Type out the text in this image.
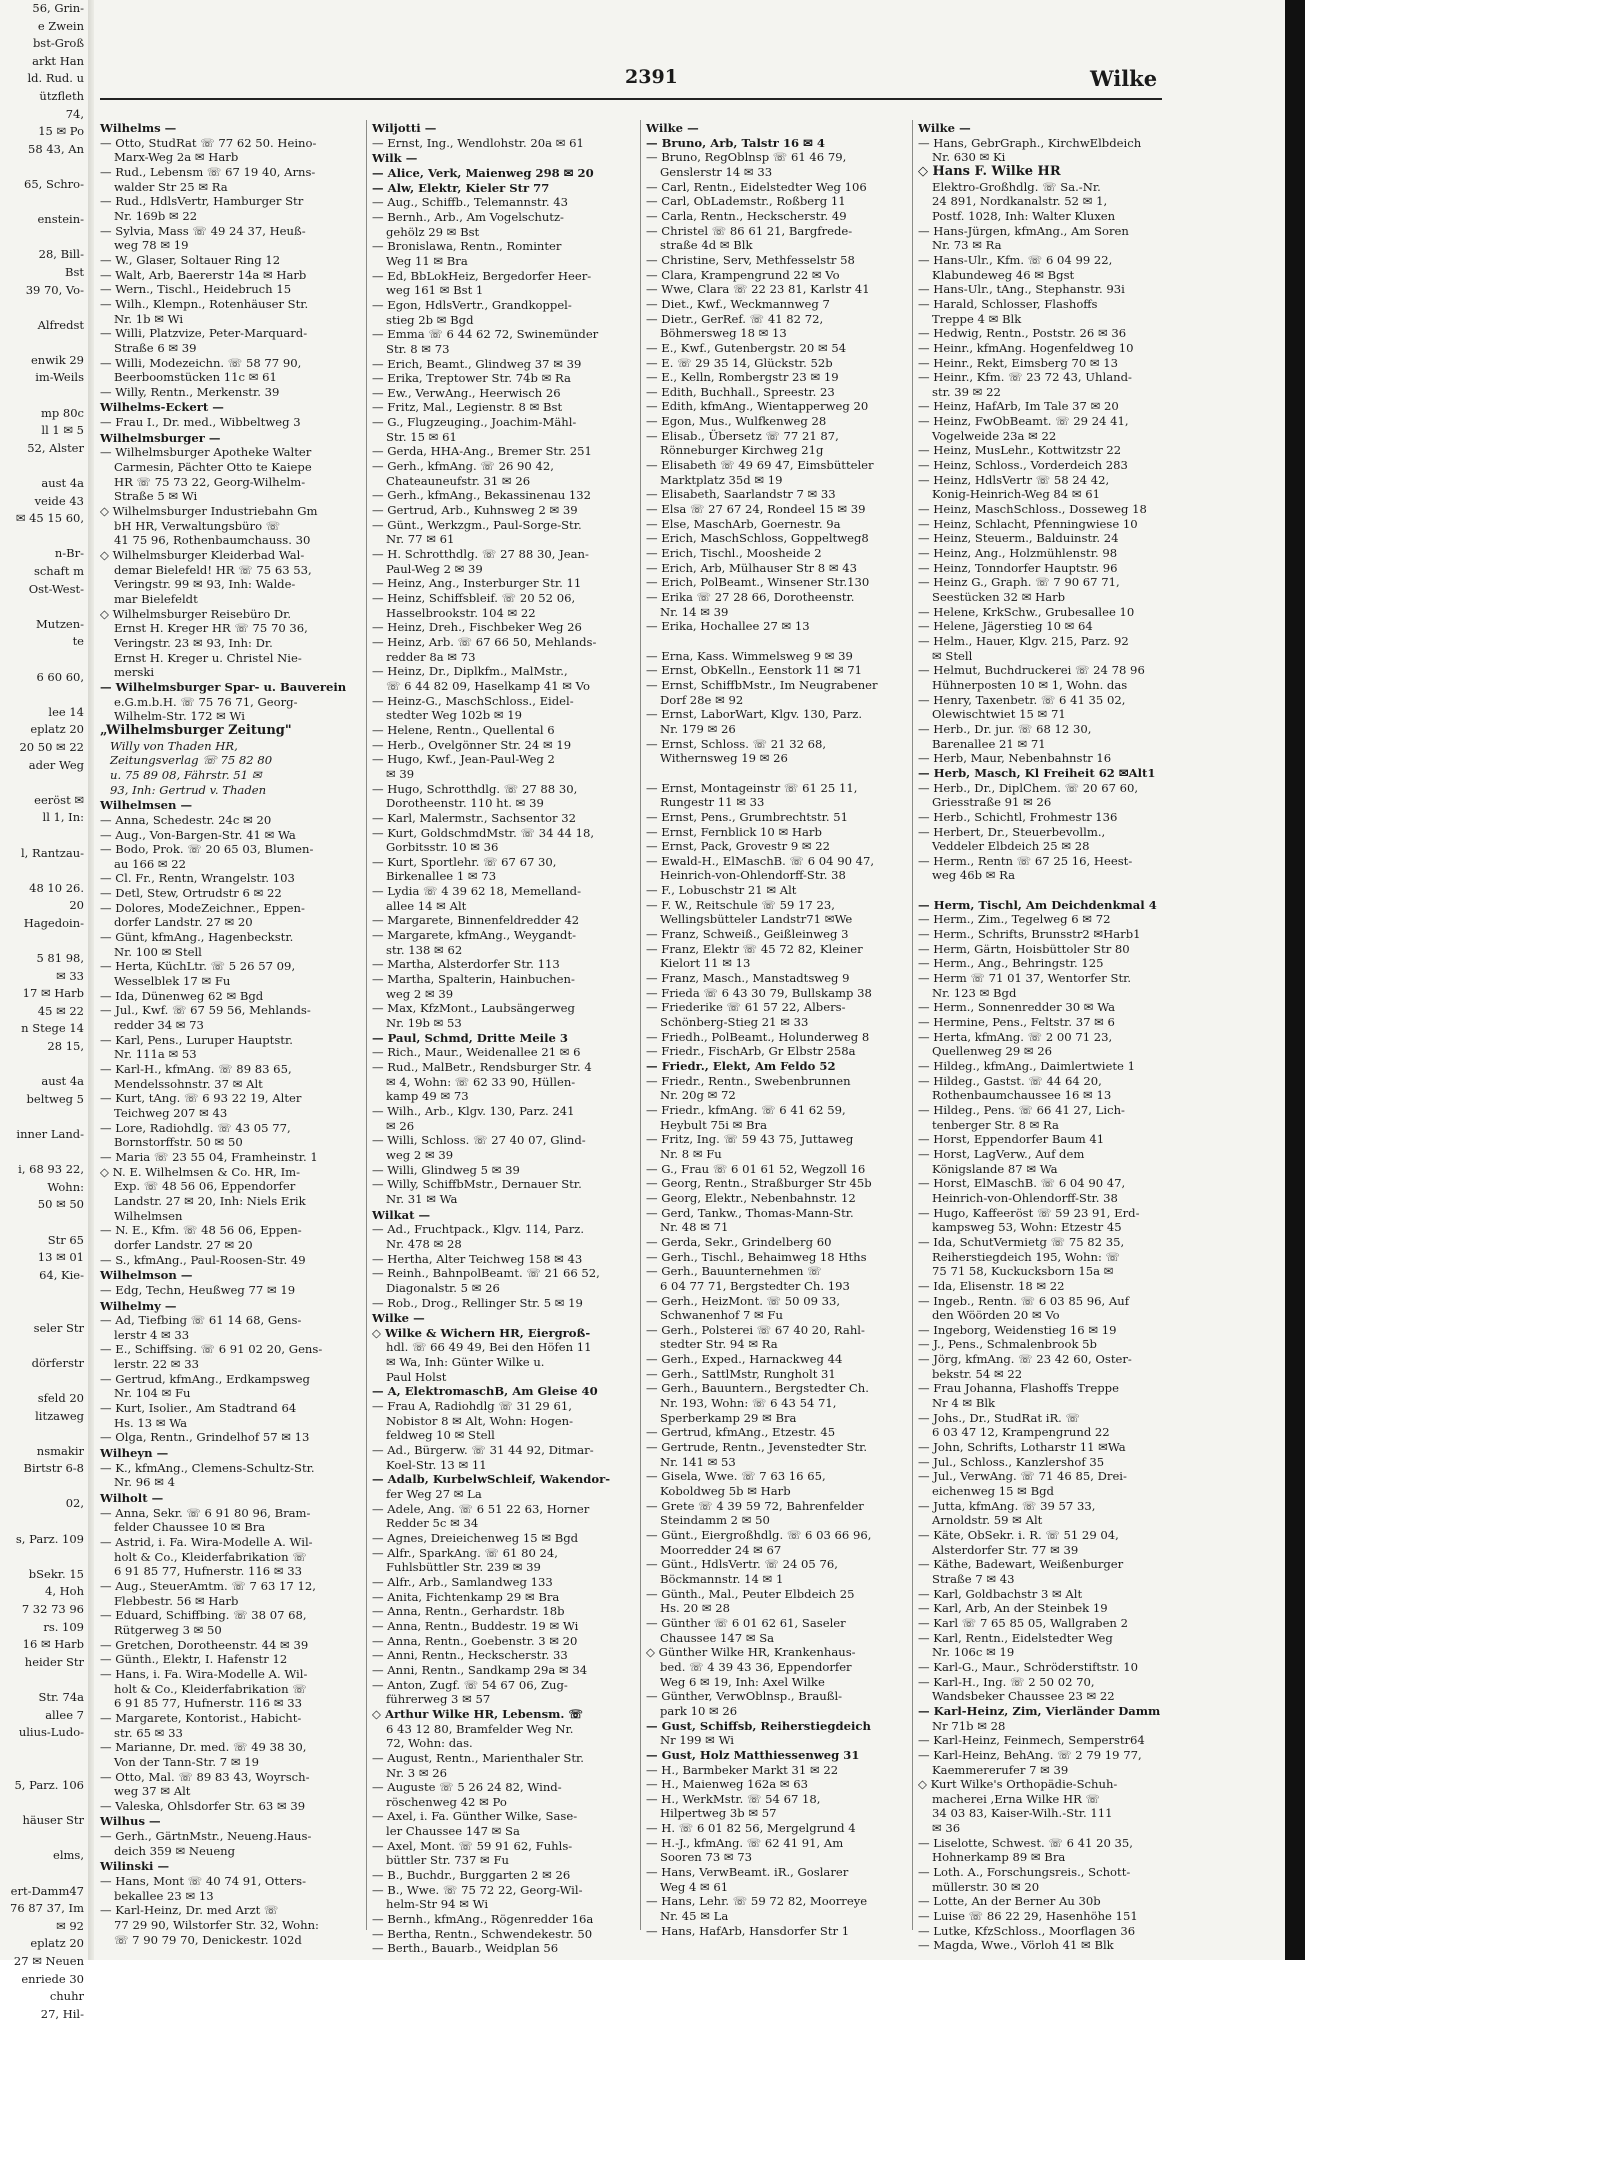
56, Grin-
e Zwein
bst-Groß
arkt Han
ld. Rud. u
ützfleth
74,
15 ✉ Po
58 43, An

65, Schro-

enstein-

28, Bill-
Bst
39 70, Vo-

Alfredst

enwik 29
im-Weils

mp 80c
ll 1 ✉ 5
52, Alster

aust 4a
veide 43
✉ 45 15 60,

n-Br-
schaft m
Ost-West-

Mutzen-
te

6 60 60,

lee 14
eplatz 20
20 50 ✉ 22
ader Weg

eeröst ✉
ll 1, In:

l, Rantzau-

48 10 26.
20
Hagedoin-

5 81 98,
✉ 33
17 ✉ Harb
45 ✉ 22
n Stege 14
28 15,

aust 4a
beltweg 5

inner Land-

i, 68 93 22,
Wohn:
50 ✉ 50

Str 65
13 ✉ 01
64, Kie-

seler Str

dörferstr

sfeld 20
litzaweg

nsmakir
Birtstr 6-8

02,

s, Parz. 109

bSekr. 15
4, Hoh
7 32 73 96
rs. 109
16 ✉ Harb
heider Str

Str. 74a
allee 7
ulius-Ludo-

5, Parz. 106

häuser Str

elms,

ert-Damm47
76 87 37, Im
✉ 92
eplatz 20
27 ✉ Neuen
enriede 30
chuhr
27, Hil-
2391	Wilke
Wilhelms —
— Otto, StudRat ☏ 77 62 50. Heino-
Marx-Weg 2a ✉ Harb
— Rud., Lebensm ☏ 67 19 40, Arns-
walder Str 25 ✉ Ra
— Rud., HdlsVertr, Hamburger Str
Nr. 169b ✉ 22
— Sylvia, Mass ☏ 49 24 37, Heuß-
weg 78 ✉ 19
— W., Glaser, Soltauer Ring 12
— Walt, Arb, Baererstr 14a ✉ Harb
— Wern., Tischl., Heidebruch 15
— Wilh., Klempn., Rotenhäuser Str.
Nr. 1b ✉ Wi
— Willi, Platzvize, Peter-Marquard-
Straße 6 ✉ 39
— Willi, Modezeichn. ☏ 58 77 90,
Beerboomstücken 11c ✉ 61
— Willy, Rentn., Merkenstr. 39
Wilhelms-Eckert —
— Frau I., Dr. med., Wibbeltweg 3
Wilhelmsburger —
— Wilhelmsburger Apotheke Walter
Carmesin, Pächter Otto te Kaiepe
HR ☏ 75 73 22, Georg-Wilhelm-
Straße 5 ✉ Wi
◇ Wilhelmsburger Industriebahn Gm
bH HR, Verwaltungsbüro ☏
41 75 96, Rothenbaumchauss. 30
◇ Wilhelmsburger Kleiderbad Wal-
demar Bielefeld! HR ☏ 75 63 53,
Veringstr. 99 ✉ 93, Inh: Walde-
mar Bielefeldt
◇ Wilhelmsburger Reisebüro Dr.
Ernst H. Kreger HR ☏ 75 70 36,
Veringstr. 23 ✉ 93, Inh: Dr.
Ernst H. Kreger u. Christel Nie-
merski
— Wilhelmsburger Spar- u. Bauverein
e.G.m.b.H. ☏ 75 76 71, Georg-
Wilhelm-Str. 172 ✉ Wi
„Wilhelmsburger Zeitung"
Willy von Thaden HR,
Zeitungsverlag ☏ 75 82 80
u. 75 89 08, Fährstr. 51 ✉
93, Inh: Gertrud v. Thaden
Wilhelmsen —
— Anna, Schedestr. 24c ✉ 20
— Aug., Von-Bargen-Str. 41 ✉ Wa
— Bodo, Prok. ☏ 20 65 03, Blumen-
au 166 ✉ 22
— Cl. Fr., Rentn, Wrangelstr. 103
— Detl, Stew, Ortrudstr 6 ✉ 22
— Dolores, ModeZeichner., Eppen-
dorfer Landstr. 27 ✉ 20
— Günt, kfmAng., Hagenbeckstr.
Nr. 100 ✉ Stell
— Herta, KüchLtr. ☏ 5 26 57 09,
Wesselblek 17 ✉ Fu
— Ida, Dünenweg 62 ✉ Bgd
— Jul., Kwf. ☏ 67 59 56, Mehlands-
redder 34 ✉ 73
— Karl, Pens., Luruper Hauptstr.
Nr. 111a ✉ 53
— Karl-H., kfmAng. ☏ 89 83 65,
Mendelssohnstr. 37 ✉ Alt
— Kurt, tAng. ☏ 6 93 22 19, Alter
Teichweg 207 ✉ 43
— Lore, Radiohdlg. ☏ 43 05 77,
Bornstorffstr. 50 ✉ 50
— Maria ☏ 23 55 04, Framheinstr. 1
◇ N. E. Wilhelmsen & Co. HR, Im-
Exp. ☏ 48 56 06, Eppendorfer
Landstr. 27 ✉ 20, Inh: Niels Erik
Wilhelmsen
— N. E., Kfm. ☏ 48 56 06, Eppen-
dorfer Landstr. 27 ✉ 20
— S., kfmAng., Paul-Roosen-Str. 49
Wilhelmson —
— Edg, Techn, Heußweg 77 ✉ 19
Wilhelmy —
— Ad, Tiefbing ☏ 61 14 68, Gens-
lerstr 4 ✉ 33
— E., Schiffsing. ☏ 6 91 02 20, Gens-
lerstr. 22 ✉ 33
— Gertrud, kfmAng., Erdkampsweg
Nr. 104 ✉ Fu
— Kurt, Isolier., Am Stadtrand 64
Hs. 13 ✉ Wa
— Olga, Rentn., Grindelhof 57 ✉ 13
Wilheyn —
— K., kfmAng., Clemens-Schultz-Str.
Nr. 96 ✉ 4
Wilholt —
— Anna, Sekr. ☏ 6 91 80 96, Bram-
felder Chaussee 10 ✉ Bra
— Astrid, i. Fa. Wira-Modelle A. Wil-
holt & Co., Kleiderfabrikation ☏
6 91 85 77, Hufnerstr. 116 ✉ 33
— Aug., SteuerAmtm. ☏ 7 63 17 12,
Flebbestr. 56 ✉ Harb
— Eduard, Schiffbing. ☏ 38 07 68,
Rütgerweg 3 ✉ 50
— Gretchen, Dorotheenstr. 44 ✉ 39
— Günth., Elektr, I. Hafenstr 12
— Hans, i. Fa. Wira-Modelle A. Wil-
holt & Co., Kleiderfabrikation ☏
6 91 85 77, Hufnerstr. 116 ✉ 33
— Margarete, Kontorist., Habicht-
str. 65 ✉ 33
— Marianne, Dr. med. ☏ 49 38 30,
Von der Tann-Str. 7 ✉ 19
— Otto, Mal. ☏ 89 83 43, Woyrsch-
weg 37 ✉ Alt
— Valeska, Ohlsdorfer Str. 63 ✉ 39
Wilhus —
— Gerh., GärtnMstr., Neueng.Haus-
deich 359 ✉ Neueng
Wilinski —
— Hans, Mont ☏ 40 74 91, Otters-
bekallee 23 ✉ 13
— Karl-Heinz, Dr. med Arzt ☏
77 29 90, Wilstorfer Str. 32, Wohn:
☏ 7 90 79 70, Denickestr. 102d
Wiljotti —
— Ernst, Ing., Wendlohstr. 20a ✉ 61
Wilk —
— Alice, Verk, Maienweg 298 ✉ 20
— Alw, Elektr, Kieler Str 77
— Aug., Schiffb., Telemannstr. 43
— Bernh., Arb., Am Vogelschutz-
gehölz 29 ✉ Bst
— Bronislawa, Rentn., Rominter
Weg 11 ✉ Bra
— Ed, BbLokHeiz, Bergedorfer Heer-
weg 161 ✉ Bst 1
— Egon, HdlsVertr., Grandkoppel-
stieg 2b ✉ Bgd
— Emma ☏ 6 44 62 72, Swinemünder
Str. 8 ✉ 73
— Erich, Beamt., Glindweg 37 ✉ 39
— Erika, Treptower Str. 74b ✉ Ra
— Ew., VerwAng., Heerwisch 26
— Fritz, Mal., Legienstr. 8 ✉ Bst
— G., Flugzeuging., Joachim-Mähl-
Str. 15 ✉ 61
— Gerda, HHA-Ang., Bremer Str. 251
— Gerh., kfmAng. ☏ 26 90 42,
Chateaunеufstr. 31 ✉ 26
— Gerh., kfmAng., Bekassinenau 132
— Gertrud, Arb., Kuhnsweg 2 ✉ 39
— Günt., Werkzgm., Paul-Sorge-Str.
Nr. 77 ✉ 61
— H. Schrotthdlg. ☏ 27 88 30, Jean-
Paul-Weg 2 ✉ 39
— Heinz, Ang., Insterburger Str. 11
— Heinz, Schiffsbleif. ☏ 20 52 06,
Hasselbrookstr. 104 ✉ 22
— Heinz, Dreh., Fischbeker Weg 26
— Heinz, Arb. ☏ 67 66 50, Mehlands-
redder 8a ✉ 73
— Heinz, Dr., Diplkfm., MalMstr.,
☏ 6 44 82 09, Haselkamp 41 ✉ Vo
— Heinz-G., MaschSchloss., Eidel-
stedter Weg 102b ✉ 19
— Helene, Rentn., Quellental 6
— Herb., Ovelgönner Str. 24 ✉ 19
— Hugo, Kwf., Jean-Paul-Weg 2
✉ 39
— Hugo, Schrotthdlg. ☏ 27 88 30,
Dorotheenstr. 110 ht. ✉ 39
— Karl, Malermstr., Sachsentor 32
— Kurt, GoldschmdMstr. ☏ 34 44 18,
Gorbitsstr. 10 ✉ 36
— Kurt, Sportlehr. ☏ 67 67 30,
Birkenallee 1 ✉ 73
— Lydia ☏ 4 39 62 18, Memelland-
allee 14 ✉ Alt
— Margarete, Binnenfeldredder 42
— Margarete, kfmAng., Weygandt-
str. 138 ✉ 62
— Martha, Alsterdorfer Str. 113
— Martha, Spalterin, Hainbuchen-
weg 2 ✉ 39
— Max, KfzMont., Laubsängerweg
Nr. 19b ✉ 53
— Paul, Schmd, Dritte Meile 3
— Rich., Maur., Weidenallee 21 ✉ 6
— Rud., MalBetr., Rendsburger Str. 4
✉ 4, Wohn: ☏ 62 33 90, Hüllen-
kamp 49 ✉ 73
— Wilh., Arb., Klgv. 130, Parz. 241
✉ 26
— Willi, Schloss. ☏ 27 40 07, Glind-
weg 2 ✉ 39
— Willi, Glindweg 5 ✉ 39
— Willy, SchiffbMstr., Dernauer Str.
Nr. 31 ✉ Wa
Wilkat —
— Ad., Fruchtpack., Klgv. 114, Parz.
Nr. 478 ✉ 28
— Hertha, Alter Teichweg 158 ✉ 43
— Reinh., BahnpolBeamt. ☏ 21 66 52,
Diagonalstr. 5 ✉ 26
— Rob., Drog., Rellinger Str. 5 ✉ 19
Wilke —
◇ Wilke & Wichern HR, Eiergroß-
hdl. ☏ 66 49 49, Bei den Höfen 11
✉ Wa, Inh: Günter Wilke u.
Paul Holst
— A, ElektromaschB, Am Gleise 40
— Frau A, Radiohdlg ☏ 31 29 61,
Nobistor 8 ✉ Alt, Wohn: Hogen-
feldweg 10 ✉ Stell
— Ad., Bürgerw. ☏ 31 44 92, Ditmar-
Koel-Str. 13 ✉ 11
— Adalb, KurbelwSchleif, Wakendor-
fer Weg 27 ✉ La
— Adele, Ang. ☏ 6 51 22 63, Horner
Redder 5c ✉ 34
— Agnes, Dreieichenweg 15 ✉ Bgd
— Alfr., SparkAng. ☏ 61 80 24,
Fuhlsbüttler Str. 239 ✉ 39
— Alfr., Arb., Samlandweg 133
— Anita, Fichtenkamp 29 ✉ Bra
— Anna, Rentn., Gerhardstr. 18b
— Anna, Rentn., Buddestr. 19 ✉ Wi
— Anna, Rentn., Goebenstr. 3 ✉ 20
— Anni, Rentn., Heckscherstr. 33
— Anni, Rentn., Sandkamp 29a ✉ 34
— Anton, Zugf. ☏ 54 67 06, Zug-
führerweg 3 ✉ 57
◇ Arthur Wilke HR, Lebensm. ☏
6 43 12 80, Bramfelder Weg Nr.
72, Wohn: das.
— August, Rentn., Marienthaler Str.
Nr. 3 ✉ 26
— Auguste ☏ 5 26 24 82, Wind-
röschenweg 42 ✉ Po
— Axel, i. Fa. Günther Wilke, Sase-
ler Chaussee 147 ✉ Sa
— Axel, Mont. ☏ 59 91 62, Fuhls-
büttler Str. 737 ✉ Fu
— B., Buchdr., Burggarten 2 ✉ 26
— B., Wwe. ☏ 75 72 22, Georg-Wil-
helm-Str 94 ✉ Wi
— Bernh., kfmAng., Rögenredder 16a
— Bertha, Rentn., Schwendekestr. 50
— Berth., Bauarb., Weidplan 56
Wilke —
— Bruno, Arb, Talstr 16 ✉ 4
— Bruno, RegOblnsp ☏ 61 46 79,
Genslerstr 14 ✉ 33
— Carl, Rentn., Eidelstedter Weg 106
— Carl, ObLademstr., Roßberg 11
— Carla, Rentn., Heckscherstr. 49
— Christel ☏ 86 61 21, Bargfrede-
straße 4d ✉ Blk
— Christine, Serv, Methfesselstr 58
— Clara, Krampengrund 22 ✉ Vo
— Wwe, Clara ☏ 22 23 81, Karlstr 41
— Diet., Kwf., Weckmannweg 7
— Dietr., GerRef. ☏ 41 82 72,
Böhmersweg 18 ✉ 13
— E., Kwf., Gutenbergstr. 20 ✉ 54
— E. ☏ 29 35 14, Glückstr. 52b
— E., Kelln, Rombergstr 23 ✉ 19
— Edith, Buchhall., Spreestr. 23
— Edith, kfmAng., Wientapperweg 20
— Egon, Mus., Wulfkenweg 28
— Elisab., Übersetz ☏ 77 21 87,
Rönneburger Kirchweg 21g
— Elisabeth ☏ 49 69 47, Eimsbütteler
Marktplatz 35d ✉ 19
— Elisabeth, Saarlandstr 7 ✉ 33
— Elsa ☏ 27 67 24, Rondeel 15 ✉ 39
— Else, MaschArb, Goernestr. 9a
— Erich, MaschSchloss, Goppeltweg8
— Erich, Tischl., Moosheide 2
— Erich, Arb, Mülhauser Str 8 ✉ 43
— Erich, PolBeamt., Winsener Str.130
— Erika ☏ 27 28 66, Dorotheenstr.
Nr. 14 ✉ 39
— Erika, Hochallee 27 ✉ 13

— Erna, Kass. Wimmelsweg 9 ✉ 39
— Ernst, ObKelln., Eenstork 11 ✉ 71
— Ernst, SchiffbMstr., Im Neugrabener
Dorf 28e ✉ 92
— Ernst, LaborWart, Klgv. 130, Parz.
Nr. 179 ✉ 26
— Ernst, Schloss. ☏ 21 32 68,
Withernsweg 19 ✉ 26

— Ernst, Montageinstr ☏ 61 25 11,
Rungestr 11 ✉ 33
— Ernst, Pens., Grumbrechtstr. 51
— Ernst, Fernblick 10 ✉ Harb
— Ernst, Pack, Grovestr 9 ✉ 22
— Ewald-H., ElMaschB. ☏ 6 04 90 47,
Heinrich-von-Ohlendorff-Str. 38
— F., Lobuschstr 21 ✉ Alt
— F. W., Reitschule ☏ 59 17 23,
Wellingsbütteler Landstr71 ✉We
— Franz, Schweiß., Geißleinweg 3
— Franz, Elektr ☏ 45 72 82, Kleiner
Kielort 11 ✉ 13
— Franz, Masch., Manstadtsweg 9
— Frieda ☏ 6 43 30 79, Bullskamp 38
— Friederike ☏ 61 57 22, Albers-
Schönberg-Stieg 21 ✉ 33
— Friedh., PolBeamt., Holunderweg 8
— Friedr., FischArb, Gr Elbstr 258a
— Friedr., Elekt, Am Feldo 52
— Friedr., Rentn., Swebenbrunnen
Nr. 20g ✉ 72
— Friedr., kfmAng. ☏ 6 41 62 59,
Heybult 75i ✉ Bra
— Fritz, Ing. ☏ 59 43 75, Juttaweg
Nr. 8 ✉ Fu
— G., Frau ☏ 6 01 61 52, Wegzoll 16
— Georg, Rentn., Straßburger Str 45b
— Georg, Elektr., Nebenbahnstr. 12
— Gerd, Tankw., Thomas-Mann-Str.
Nr. 48 ✉ 71
— Gerda, Sekr., Grindelberg 60
— Gerh., Tischl., Behaimweg 18 Hths
— Gerh., Bauunternehmen ☏
6 04 77 71, Bergstedter Ch. 193
— Gerh., HeizMont. ☏ 50 09 33,
Schwanenhof 7 ✉ Fu
— Gerh., Polsterei ☏ 67 40 20, Rahl-
stedter Str. 94 ✉ Ra
— Gerh., Exped., Harnackweg 44
— Gerh., SattlMstr, Rungholt 31
— Gerh., Bauuntern., Bergstedter Ch.
Nr. 193, Wohn: ☏ 6 43 54 71,
Sperberkamp 29 ✉ Bra
— Gertrud, kfmAng., Etzestr. 45
— Gertrude, Rentn., Jevenstedter Str.
Nr. 141 ✉ 53
— Gisela, Wwe. ☏ 7 63 16 65,
Koboldweg 5b ✉ Harb
— Grete ☏ 4 39 59 72, Bahrenfelder
Steindamm 2 ✉ 50
— Günt., Eiergroßhdlg. ☏ 6 03 66 96,
Moorredder 24 ✉ 67
— Günt., HdlsVertr. ☏ 24 05 76,
Böckmannstr. 14 ✉ 1
— Günth., Mal., Peuter Elbdeich 25
Hs. 20 ✉ 28
— Günther ☏ 6 01 62 61, Saseler
Chaussee 147 ✉ Sa
◇ Günther Wilke HR, Krankenhaus-
bed. ☏ 4 39 43 36, Eppendorfer
Weg 6 ✉ 19, Inh: Axel Wilke
— Günther, VerwOblnsp., Braußl-
park 10 ✉ 26
— Gust, Schiffsb, Reiherstiegdeich
Nr 199 ✉ Wi
— Gust, Holz Matthiessenweg 31
— H., Barmbeker Markt 31 ✉ 22
— H., Maienweg 162a ✉ 63
— H., WerkMstr. ☏ 54 67 18,
Hilpertweg 3b ✉ 57
— H. ☏ 6 01 82 56, Mergelgrund 4
— H.-J., kfmAng. ☏ 62 41 91, Am
Sooren 73 ✉ 73
— Hans, VerwBeamt. iR., Goslarer
Weg 4 ✉ 61
— Hans, Lehr. ☏ 59 72 82, Moorreye
Nr. 45 ✉ La
— Hans, HafArb, Hansdorfer Str 1
Wilke —
— Hans, GebrGraph., KirchwElbdeich
Nr. 630 ✉ Ki
◇ Hans F. Wilke HR
Elektro-Großhdlg. ☏ Sa.-Nr.
24 891, Nordkanalstr. 52 ✉ 1,
Postf. 1028, Inh: Walter Kluxen
— Hans-Jürgen, kfmAng., Am Soren
Nr. 73 ✉ Ra
— Hans-Ulr., Kfm. ☏ 6 04 99 22,
Klabundeweg 46 ✉ Bgst
— Hans-Ulr., tAng., Stephanstr. 93i
— Harald, Schlosser, Flashoffs
Treppe 4 ✉ Blk
— Hedwig, Rentn., Poststr. 26 ✉ 36
— Heinr., kfmAng. Hogenfeldweg 10
— Heinr., Rekt, Eimsberg 70 ✉ 13
— Heinr., Kfm. ☏ 23 72 43, Uhland-
str. 39 ✉ 22
— Heinz, HafArb, Im Tale 37 ✉ 20
— Heinz, FwObBeamt. ☏ 29 24 41,
Vogelweide 23a ✉ 22
— Heinz, MusLehr., Kottwitzstr 22
— Heinz, Schloss., Vorderdeich 283
— Heinz, HdlsVertr ☏ 58 24 42,
Konig-Heinrich-Weg 84 ✉ 61
— Heinz, MaschSchloss., Dosseweg 18
— Heinz, Schlacht, Pfenningwiese 10
— Heinz, Steuerm., Balduinstr. 24
— Heinz, Ang., Holzmühlenstr. 98
— Heinz, Tonndorfer Hauptstr. 96
— Heinz G., Graph. ☏ 7 90 67 71,
Seestücken 32 ✉ Harb
— Helene, KrkSchw., Grubesallee 10
— Helene, Jägerstieg 10 ✉ 64
— Helm., Hauer, Klgv. 215, Parz. 92
✉ Stell
— Helmut, Buchdruckerei ☏ 24 78 96
Hühnerposten 10 ✉ 1, Wohn. das
— Henry, Taxenbetr. ☏ 6 41 35 02,
Olewischtwiet 15 ✉ 71
— Herb., Dr. jur. ☏ 68 12 30,
Barenallee 21 ✉ 71
— Herb, Maur, Nebenbahnstr 16
— Herb, Masch, Kl Freiheit 62 ✉Alt1
— Herb., Dr., DiplChem. ☏ 20 67 60,
Griesstraße 91 ✉ 26
— Herb., Schichtl, Frohmestr 136
— Herbert, Dr., Steuerbevollm.,
Veddeler Elbdeich 25 ✉ 28
— Herm., Rentn ☏ 67 25 16, Heest-
weg 46b ✉ Ra

— Herm, Tischl, Am Deichdenkmal 4
— Herm., Zim., Tegelweg 6 ✉ 72
— Herm., Schrifts, Brunsstr2 ✉Harb1
— Herm, Gärtn, Hoisbüttoler Str 80
— Herm., Ang., Behringstr. 125
— Herm ☏ 71 01 37, Wentorfer Str.
Nr. 123 ✉ Bgd
— Herm., Sonnenredder 30 ✉ Wa
— Hermine, Pens., Feltstr. 37 ✉ 6
— Herta, kfmAng. ☏ 2 00 71 23,
Quellenweg 29 ✉ 26
— Hildeg., kfmAng., Daimlertwiete 1
— Hildeg., Gastst. ☏ 44 64 20,
Rothenbaumchaussee 16 ✉ 13
— Hildeg., Pens. ☏ 66 41 27, Lich-
tenberger Str. 8 ✉ Ra
— Horst, Eppendorfer Baum 41
— Horst, LagVerw., Auf dem
Königslande 87 ✉ Wa
— Horst, ElMaschB. ☏ 6 04 90 47,
Heinrich-von-Ohlendorff-Str. 38
— Hugo, Kaffeeröst ☏ 59 23 91, Erd-
kampsweg 53, Wohn: Etzestr 45
— Ida, SchutVermietg ☏ 75 82 35,
Reiherstiegdeich 195, Wohn: ☏
75 71 58, Kuckucksborn 15a ✉
— Ida, Elisenstr. 18 ✉ 22
— Ingeb., Rentn. ☏ 6 03 85 96, Auf
den Wöörden 20 ✉ Vo
— Ingeborg, Weidenstieg 16 ✉ 19
— J., Pens., Schmalenbrook 5b
— Jörg, kfmAng. ☏ 23 42 60, Oster-
bekstr. 54 ✉ 22
— Frau Johanna, Flashoffs Treppe
Nr 4 ✉ Blk
— Johs., Dr., StudRat iR. ☏
6 03 47 12, Krampengrund 22
— John, Schrifts, Lotharstr 11 ✉Wa
— Jul., Schloss., Kanzlershof 35
— Jul., VerwAng. ☏ 71 46 85, Drei-
eichenweg 15 ✉ Bgd
— Jutta, kfmAng. ☏ 39 57 33,
Arnoldstr. 59 ✉ Alt
— Käte, ObSekr. i. R. ☏ 51 29 04,
Alsterdorfer Str. 77 ✉ 39
— Käthe, Badewart, Weißenburger
Straße 7 ✉ 43
— Karl, Goldbachstr 3 ✉ Alt
— Karl, Arb, An der Steinbek 19
— Karl ☏ 7 65 85 05, Wallgraben 2
— Karl, Rentn., Eidelstedter Weg
Nr. 106c ✉ 19
— Karl-G., Maur., Schröderstiftstr. 10
— Karl-H., Ing. ☏ 2 50 02 70,
Wandsbeker Chaussee 23 ✉ 22
— Karl-Heinz, Zim, Vierländer Damm
Nr 71b ✉ 28
— Karl-Heinz, Feinmech, Semperstr64
— Karl-Heinz, BehAng. ☏ 2 79 19 77,
Kaemmererufer 7 ✉ 39
◇ Kurt Wilke's Orthopädie-Schuh-
macherei ,Erna Wilke HR ☏
34 03 83, Kaiser-Wilh.-Str. 111
✉ 36
— Liselotte, Schwest. ☏ 6 41 20 35,
Hohnerkamp 89 ✉ Bra
— Loth. A., Forschungsreis., Schott-
müllerstr. 30 ✉ 20
— Lotte, An der Berner Au 30b
— Luise ☏ 86 22 29, Hasenhöhe 151
— Lutke, KfzSchloss., Moorflagen 36
— Magda, Wwe., Vörloh 41 ✉ Blk
